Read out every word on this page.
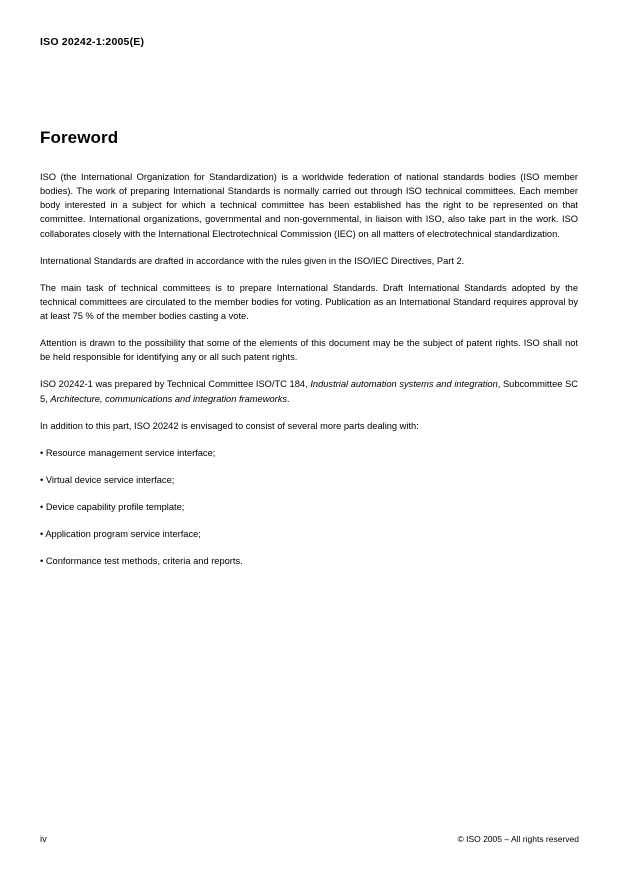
ISO 20242-1:2005(E)
Foreword

ISO (the International Organization for Standardization) is a worldwide federation of national standards bodies (ISO member bodies). The work of preparing International Standards is normally carried out through ISO technical committees. Each member body interested in a subject for which a technical committee has been established has the right to be represented on that committee. International organizations, governmental and non-governmental, in liaison with ISO, also take part in the work. ISO collaborates closely with the International Electrotechnical Commission (IEC) on all matters of electrotechnical standardization.

International Standards are drafted in accordance with the rules given in the ISO/IEC Directives, Part 2.

The main task of technical committees is to prepare International Standards. Draft International Standards adopted by the technical committees are circulated to the member bodies for voting. Publication as an International Standard requires approval by at least 75 % of the member bodies casting a vote.

Attention is drawn to the possibility that some of the elements of this document may be the subject of patent rights. ISO shall not be held responsible for identifying any or all such patent rights.

ISO 20242-1 was prepared by Technical Committee ISO/TC 184, Industrial automation systems and integration, Subcommittee SC 5, Architecture, communications and integration frameworks.

In addition to this part, ISO 20242 is envisaged to consist of several more parts dealing with:

• Resource management service interface;

• Virtual device service interface;

• Device capability profile template;

• Application program service interface;

• Conformance test methods, criteria and reports.

iv	© ISO 2005 – All rights reserved
